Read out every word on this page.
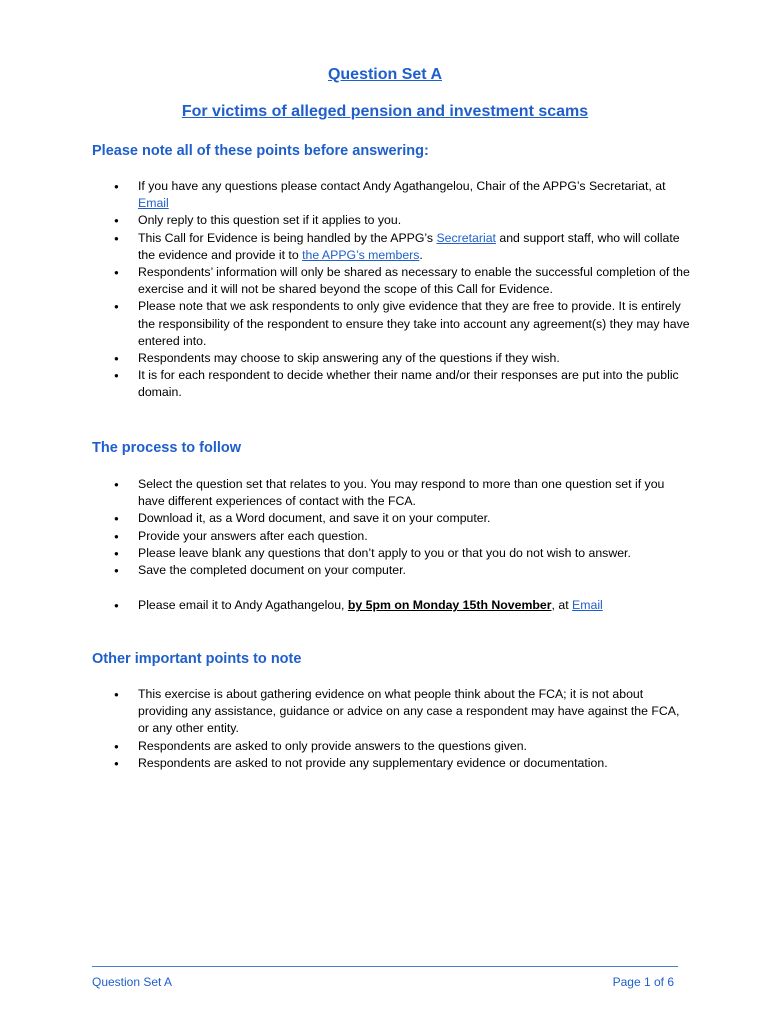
Question Set A
For victims of alleged pension and investment scams
Please note all of these points before answering:
● If you have any questions please contact Andy Agathangelou, Chair of the APPG’s Secretariat, at Email
● Only reply to this question set if it applies to you.
● This Call for Evidence is being handled by the APPG’s Secretariat and support staff, who will collate the evidence and provide it to the APPG’s members.
● Respondents’ information will only be shared as necessary to enable the successful completion of the exercise and it will not be shared beyond the scope of this Call for Evidence.
● Please note that we ask respondents to only give evidence that they are free to provide. It is entirely the responsibility of the respondent to ensure they take into account any agreement(s) they may have entered into.
● Respondents may choose to skip answering any of the questions if they wish.
● It is for each respondent to decide whether their name and/or their responses are put into the public domain.
The process to follow
● Select the question set that relates to you. You may respond to more than one question set if you have different experiences of contact with the FCA.
● Download it, as a Word document, and save it on your computer.
● Provide your answers after each question.
● Please leave blank any questions that don’t apply to you or that you do not wish to answer.
● Save the completed document on your computer.
● Please email it to Andy Agathangelou, by 5pm on Monday 15th November, at Email
Other important points to note
● This exercise is about gathering evidence on what people think about the FCA; it is not about providing any assistance, guidance or advice on any case a respondent may have against the FCA, or any other entity.
● Respondents are asked to only provide answers to the questions given.
● Respondents are asked to not provide any supplementary evidence or documentation.
Question Set A	Page 1 of 6
